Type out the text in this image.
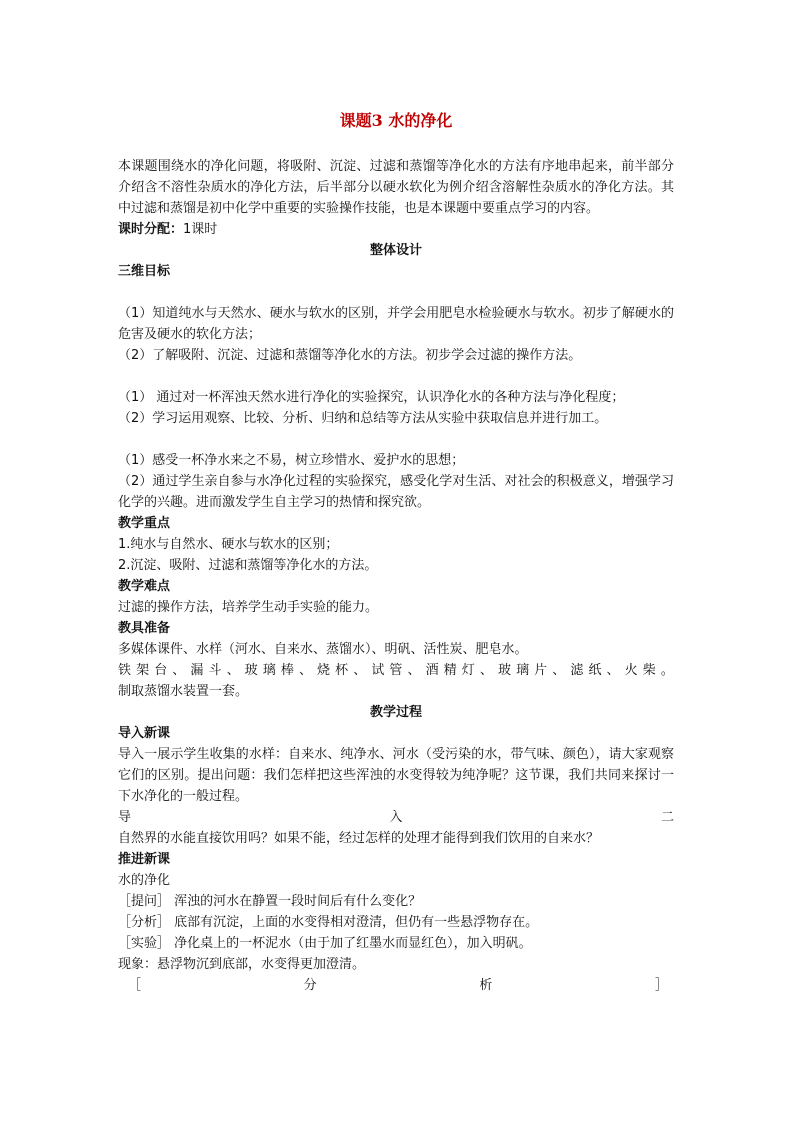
课题3 水的净化

本课题围绕水的净化问题，将吸附、沉淀、过滤和蒸馏等净化水的方法有序地串起来，前半部分介绍含不溶性杂质水的净化方法，后半部分以硬水软化为例介绍含溶解性杂质水的净化方法。其中过滤和蒸馏是初中化学中重要的实验操作技能，也是本课题中要重点学习的内容。

课时分配：1课时

整体设计

三维目标

（1）知道纯水与天然水、硬水与软水的区别，并学会用肥皂水检验硬水与软水。初步了解硬水的危害及硬水的软化方法；

（2）了解吸附、沉淀、过滤和蒸馏等净化水的方法。初步学会过滤的操作方法。

（1） 通过对一杯浑浊天然水进行净化的实验探究，认识净化水的各种方法与净化程度；

（2）学习运用观察、比较、分析、归纳和总结等方法从实验中获取信息并进行加工。

（1）感受一杯净水来之不易，树立珍惜水、爱护水的思想；

（2）通过学生亲自参与水净化过程的实验探究，感受化学对生活、对社会的积极意义，增强学习化学的兴趣。进而激发学生自主学习的热情和探究欲。

教学重点

1.纯水与自然水、硬水与软水的区别；

2.沉淀、吸附、过滤和蒸馏等净化水的方法。

教学难点

过滤的操作方法，培养学生动手实验的能力。

教具准备

多媒体课件、水样（河水、自来水、蒸馏水）、明矾、活性炭、肥皂水。

铁 架 台 、 漏 斗 、 玻 璃 棒 、 烧 杯 、 试 管 、 酒 精 灯 、 玻 璃 片 、 滤 纸 、 火 柴 。

制取蒸馏水装置一套。

教学过程

导入新课

导入一展示学生收集的水样：自来水、纯净水、河水（受污染的水，带气味、颜色），请大家观察它们的区别。提出问题：我们怎样把这些浑浊的水变得较为纯净呢？这节课，我们共同来探讨一下水净化的一般过程。

导	入	二

自然界的水能直接饮用吗？如果不能，经过怎样的处理才能得到我们饮用的自来水？

推进新课

水的净化

［提问］ 浑浊的河水在静置一段时间后有什么变化？

［分析］ 底部有沉淀，上面的水变得相对澄清，但仍有一些悬浮物存在。

［实验］ 净化桌上的一杯泥水（由于加了红墨水而显红色），加入明矾。

现象：悬浮物沉到底部，水变得更加澄清。

［	分	析	］
